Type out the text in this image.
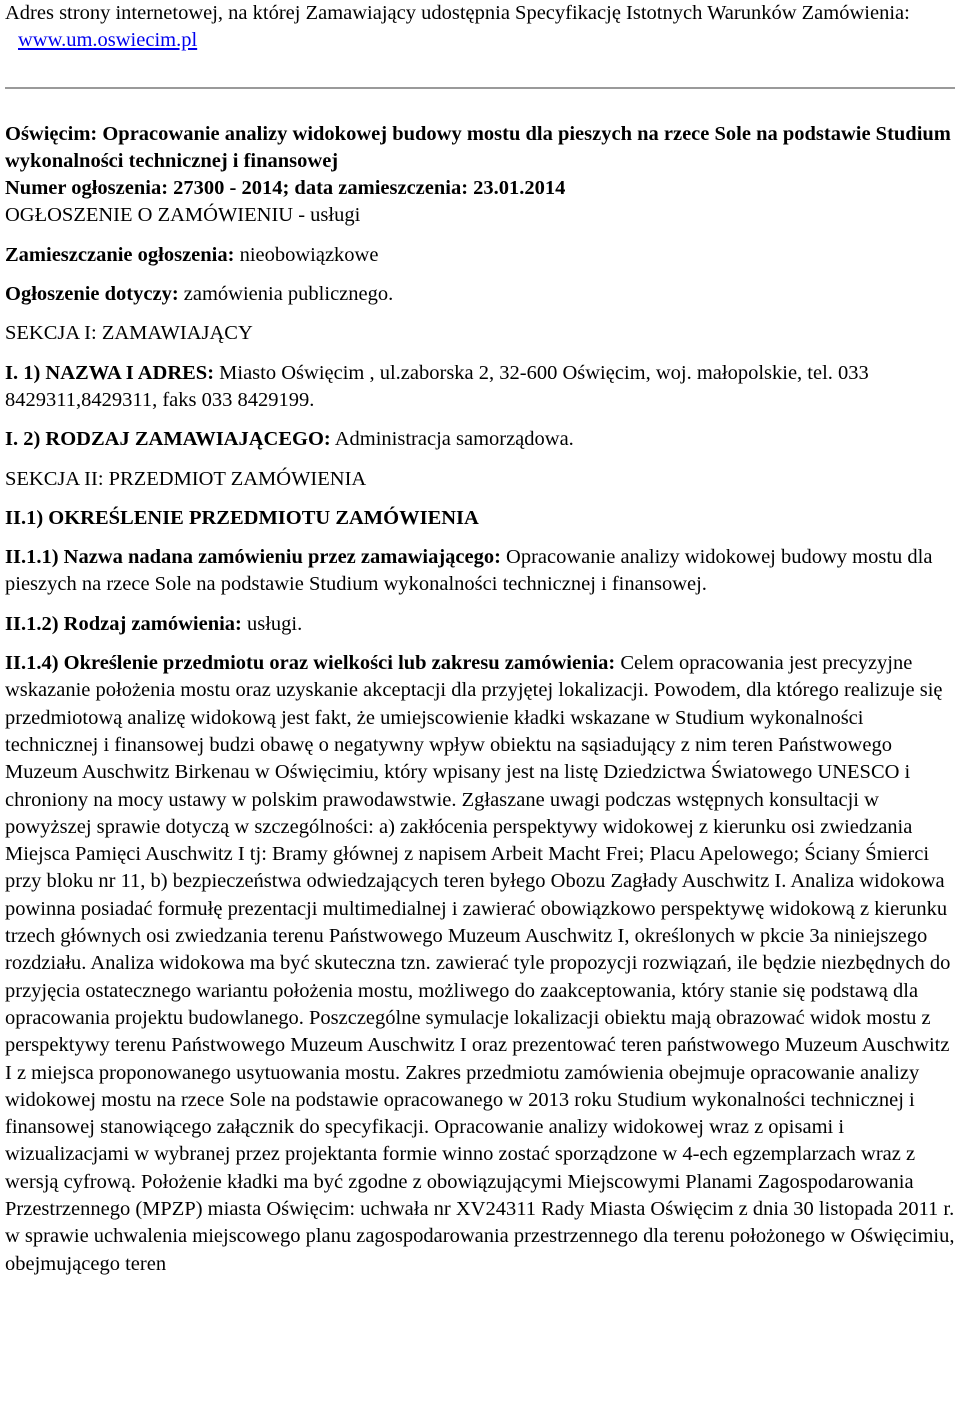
Adres strony internetowej, na której Zamawiający udostępnia Specyfikację Istotnych Warunków Zamówienia:

www.um.oswiecim.pl

Oświęcim: Opracowanie analizy widokowej budowy mostu dla pieszych na rzece Sole na podstawie Studium wykonalności technicznej i finansowej

Numer ogłoszenia: 27300 - 2014; data zamieszczenia: 23.01.2014

OGŁOSZENIE O ZAMÓWIENIU - usługi

Zamieszczanie ogłoszenia: nieobowiązkowe

Ogłoszenie dotyczy: zamówienia publicznego.

SEKCJA I: ZAMAWIAJĄCY

I. 1) NAZWA I ADRES: Miasto Oświęcim , ul.zaborska 2, 32-600 Oświęcim, woj. małopolskie, tel. 033 8429311,8429311, faks 033 8429199.

I. 2) RODZAJ ZAMAWIAJĄCEGO: Administracja samorządowa.

SEKCJA II: PRZEDMIOT ZAMÓWIENIA

II.1) OKREŚLENIE PRZEDMIOTU ZAMÓWIENIA

II.1.1) Nazwa nadana zamówieniu przez zamawiającego: Opracowanie analizy widokowej budowy mostu dla pieszych na rzece Sole na podstawie Studium wykonalności technicznej i finansowej.

II.1.2) Rodzaj zamówienia: usługi.

II.1.4) Określenie przedmiotu oraz wielkości lub zakresu zamówienia: Celem opracowania jest precyzyjne wskazanie położenia mostu oraz uzyskanie akceptacji dla przyjętej lokalizacji. Powodem, dla którego realizuje się przedmiotową analizę widokową jest fakt, że umiejscowienie kładki wskazane w Studium wykonalności technicznej i finansowej budzi obawę o negatywny wpływ obiektu na sąsiadujący z nim teren Państwowego Muzeum Auschwitz Birkenau w Oświęcimiu, który wpisany jest na listę Dziedzictwa Światowego UNESCO i chroniony na mocy ustawy w polskim prawodawstwie. Zgłaszane uwagi podczas wstępnych konsultacji w powyższej sprawie dotyczą w szczególności: a) zakłócenia perspektywy widokowej z kierunku osi zwiedzania Miejsca Pamięci Auschwitz I tj: Bramy głównej z napisem Arbeit Macht Frei; Placu Apelowego; Ściany Śmierci przy bloku nr 11, b) bezpieczeństwa odwiedzających teren byłego Obozu Zagłady Auschwitz I. Analiza widokowa powinna posiadać formułę prezentacji multimedialnej i zawierać obowiązkowo perspektywę widokową z kierunku trzech głównych osi zwiedzania terenu Państwowego Muzeum Auschwitz I, określonych w pkcie 3a niniejszego rozdziału. Analiza widokowa ma być skuteczna tzn. zawierać tyle propozycji rozwiązań, ile będzie niezbędnych do przyjęcia ostatecznego wariantu położenia mostu, możliwego do zaakceptowania, który stanie się podstawą dla opracowania projektu budowlanego. Poszczególne symulacje lokalizacji obiektu mają obrazować widok mostu z perspektywy terenu Państwowego Muzeum Auschwitz I oraz prezentować teren państwowego Muzeum Auschwitz I z miejsca proponowanego usytuowania mostu. Zakres przedmiotu zamówienia obejmuje opracowanie analizy widokowej mostu na rzece Sole na podstawie opracowanego w 2013 roku Studium wykonalności technicznej i finansowej stanowiącego załącznik do specyfikacji. Opracowanie analizy widokowej wraz z opisami i wizualizacjami w wybranej przez projektanta formie winno zostać sporządzone w 4-ech egzemplarzach wraz z wersją cyfrową. Położenie kładki ma być zgodne z obowiązującymi Miejscowymi Planami Zagospodarowania Przestrzennego (MPZP) miasta Oświęcim: uchwała nr XV24311 Rady Miasta Oświęcim z dnia 30 listopada 2011 r. w sprawie uchwalenia miejscowego planu zagospodarowania przestrzennego dla terenu położonego w Oświęcimiu, obejmującego teren
